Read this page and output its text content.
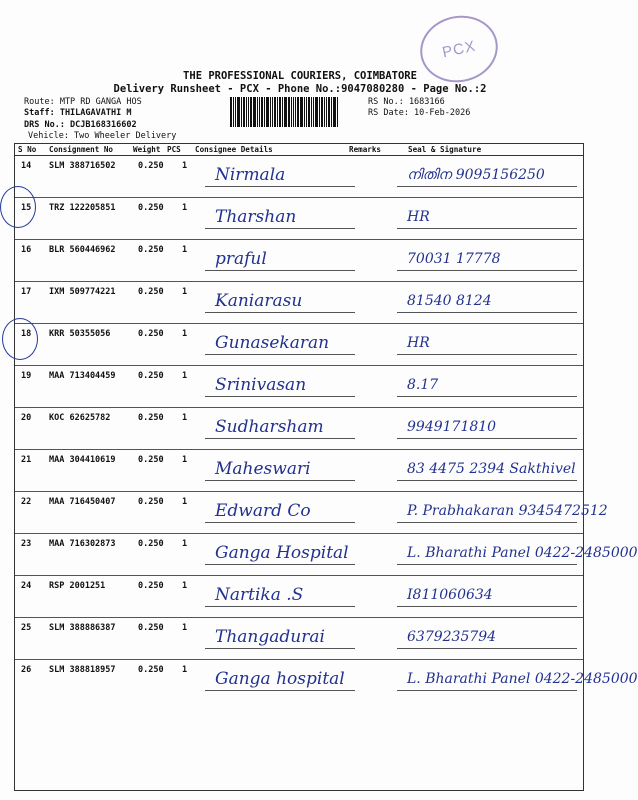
PCX
THE PROFESSIONAL COURIERS, COIMBATORE
Delivery Runsheet - PCX - Phone No.:9047080280 - Page No.:2
Route: MTP RD GANGA HOS
Staff: THILAGAVATHI M
DRS No.: DCJB168316602
Vehicle: Two Wheeler Delivery
RS No.: 1683166
RS Date: 10-Feb-2026
S No Consignment No	Weight PCS Consignee Details	Remarks	Seal & Signature
14 SLM 388716502	0.250 1 Nirmala	നിതിന 9095156250
15 TRZ 122205851	0.250 1 Tharshan	HR
16 BLR 560446962	0.250 1 praful	70031 17778
17 IXM 509774221	0.250 1 Kaniarasu	81540 8124
18 KRR 50355056	0.250 1 Gunasekaran	HR
19 MAA 713404459	0.250 1 Srinivasan	8.17
20 KOC 62625782	0.250 1 Sudharsham	9949171810
21 MAA 304410619	0.250 1 Maheswari	83 4475 2394 Sakthivel
22 MAA 716450407	0.250 1 Edward Co	P. Prabhakaran 9345472512
23 MAA 716302873	0.250 1 Ganga Hospital	L. Bharathi Panel 0422-2485000
24 RSP 2001251	0.250 1 Nartika .S	I811060634
25 SLM 388886387	0.250 1 Thangadurai	6379235794
26 SLM 388818957	0.250 1 Ganga hospital	L. Bharathi Panel 0422-2485000
